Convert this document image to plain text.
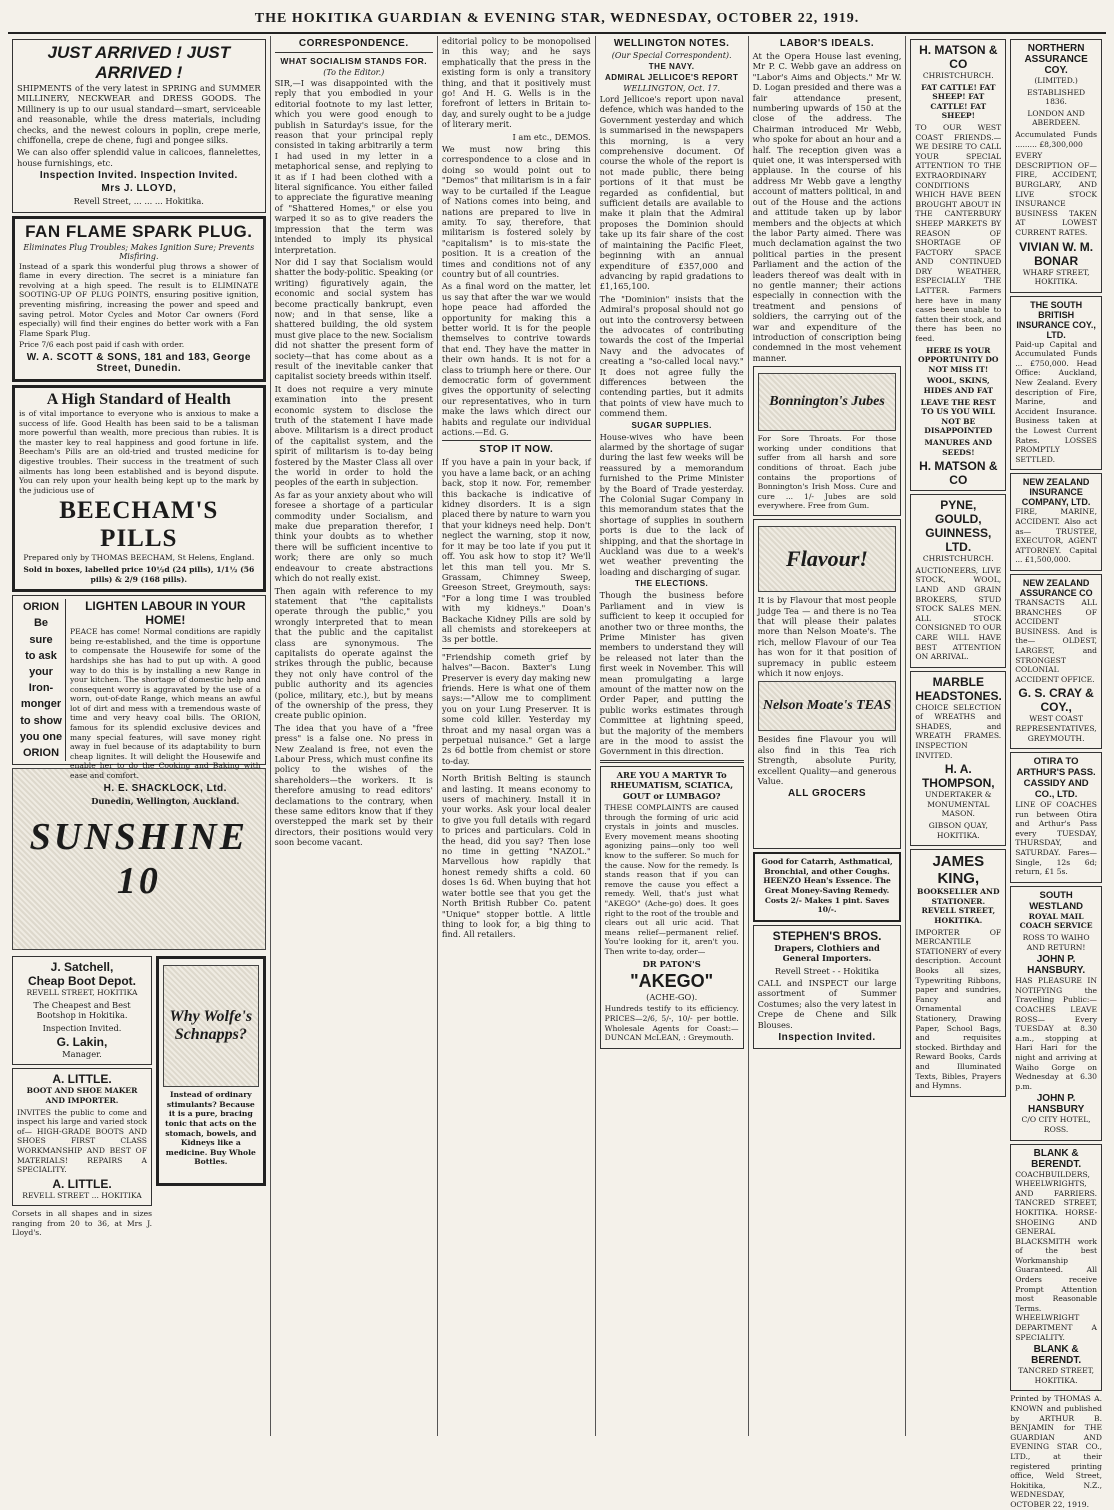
THE HOKITIKA GUARDIAN & EVENING STAR, WEDNESDAY, OCTOBER 22, 1919.
JUST ARRIVED ! JUST ARRIVED !

SHIPMENTS of the very latest in SPRING and SUMMER MILLINERY, NECKWEAR and DRESS GOODS. The Millinery is up to our usual standard—smart, serviceable and reasonable, while the dress materials, including checks, and the newest colours in poplin, crepe merle, chiffonella, crepe de chene, fugi and pongee silks.

We can also offer splendid value in calicoes, flannelettes, house furnishings, etc.

Inspection Invited. Inspection Invited.
Mrs J. LLOYD,
Revell Street, ... ... ... Hokitika.
FAN FLAME SPARK PLUG.
Eliminates Plug Troubles; Makes Ignition Sure; Prevents Misfiring.

Instead of a spark this wonderful plug throws a shower of flame in every direction. The secret is a miniature fan revolving at a high speed. The result is to ELIMINATE SOOTING-UP OF PLUG POINTS, ensuring positive ignition, preventing misfiring, increasing the power and speed and saving petrol. Motor Cycles and Motor Car owners (Ford especially) will find their engines do better work with a Fan Flame Spark Plug.

Price 7/6 each post paid if cash with order.

W. A. SCOTT & SONS, 181 and 183, George Street, Dunedin.
A High Standard of Health

is of vital importance to everyone who is anxious to make a success of life. Good Health has been said to be a talisman more powerful than wealth, more precious than rubies. It is the master key to real happiness and good fortune in life. Beecham's Pills are an old-tried and trusted medicine for digestive troubles. Their success in the treatment of such ailments has long been established and is beyond dispute. You can rely upon your health being kept up to the mark by the judicious use of

BEECHAM'S PILLS
Prepared only by THOMAS BEECHAM, St Helens, England.
Sold in boxes, labelled price 10½d (24 pills), 1/1½ (56 pills) & 2/9 (168 pills).
ORION
Be
sure
to ask
your
Iron-
monger
to show
you one
ORION
LIGHTEN LABOUR IN YOUR HOME!

PEACE has come! Normal conditions are rapidly being re-established, and the time is opportune to compensate the Housewife for some of the hardships she has had to put up with. A good way to do this is by installing a new Range in your kitchen. The shortage of domestic help and consequent worry is aggravated by the use of a worn, out-of-date Range, which means an awful lot of dirt and mess with a tremendous waste of time and very heavy coal bills. The ORION, famous for its splendid exclusive devices and many special features, will save money right away in fuel because of its adaptability to burn cheap lignites. It will delight the Housewife and enable her to do the Cooking and Baking with ease and comfort.

H. E. SHACKLOCK, Ltd.
Dunedin, Wellington, Auckland.
SUNSHINE 10
J. Satchell,
Cheap Boot Depot.
REVELL STREET, HOKITIKA

The Cheapest and Best Bootshop in Hokitika.

Inspection Invited.
G. Lakin,
Manager.
A. LITTLE.
BOOT AND SHOE MAKER AND IMPORTER.

INVITES the public to come and inspect his large and varied stock of— HIGH-GRADE BOOTS AND SHOES FIRST CLASS WORKMANSHIP AND BEST OF MATERIALS! REPAIRS A SPECIALITY.

A. LITTLE.
REVELL STREET ... HOKITIKA
Corsets in all shapes and in sizes ranging from 20 to 36, at Mrs J. Lloyd's.
Why Wolfe's Schnapps?

Instead of ordinary stimulants? Because it is a pure, bracing tonic that acts on the stomach, bowels, and Kidneys like a medicine. Buy Whole Bottles.

CORRESPONDENCE.
WHAT SOCIALISM STANDS FOR.
(To the Editor.)

SIR,—I was disappointed with the reply that you embodied in your editorial footnote to my last letter, which you were good enough to publish in Saturday's issue, for the reason that your principal reply consisted in taking arbitrarily a term I had used in my letter in a metaphorical sense, and replying to it as if I had been clothed with a literal significance. You either failed to appreciate the figurative meaning of "Shattered Homes," or else you warped it so as to give readers the impression that the term was intended to imply its physical interpretation.

Nor did I say that Socialism would shatter the body-politic. Speaking (or writing) figuratively again, the economic and social system has become practically bankrupt, even now; and in that sense, like a shattered building, the old system must give place to the new. Socialism did not shatter the present form of society—that has come about as a result of the inevitable canker that capitalist society breeds within itself.

It does not require a very minute examination into the present economic system to disclose the truth of the statement I have made above. Militarism is a direct product of the capitalist system, and the spirit of militarism is to-day being fostered by the Master Class all over the world in order to hold the peoples of the earth in subjection.

As far as your anxiety about who will foresee a shortage of a particular commodity under Socialism, and make due preparation therefor, I think your doubts as to whether there will be sufficient incentive to work; there are only so much endeavour to create abstractions which do not really exist.

Then again with reference to my statement that "the capitalists operate through the public," you wrongly interpreted that to mean that the public and the capitalist class are synonymous. The capitalists do operate against the strikes through the public, because they not only have control of the public authority and its agencies (police, military, etc.), but by means of the ownership of the press, they create public opinion.

The idea that you have of a "free press" is a false one. No press in New Zealand is free, not even the Labour Press, which must confine its policy to the wishes of the shareholders—the workers. It is therefore amusing to read editors' declamations to the contrary, when these same editors know that if they overstepped the mark set by their directors, their positions would very soon become vacant.

editorial policy to be monopolised in this way; and he says emphatically that the press in the existing form is only a transitory thing, and that it positively must go! And H. G. Wells is in the forefront of letters in Britain to-day, and surely ought to be a judge of literary merit.

I am etc., DEMOS.

We must now bring this correspondence to a close and in doing so would point out to "Demos" that militarism is in a fair way to be curtailed if the League of Nations comes into being, and nations are prepared to live in amity. To say, therefore, that militarism is fostered solely by "capitalism" is to mis-state the position. It is a creation of the times and conditions not of any country but of all countries.

As a final word on the matter, let us say that after the war we would hope peace had afforded the opportunity for making this a better world. It is for the people themselves to contrive towards that end. They have the matter in their own hands. It is not for a class to triumph here or there. Our democratic form of government gives the opportunity of selecting our representatives, who in turn make the laws which direct our habits and regulate our individual actions.—Ed. G.

STOP IT NOW.

If you have a pain in your back, if you have a lame back, or an aching back, stop it now. For, remember this backache is indicative of kidney disorders. It is a sign placed there by nature to warn you that your kidneys need help. Don't neglect the warning, stop it now, for it may be too late if you put it off. You ask how to stop it? We'll let this man tell you. Mr S. Grassam, Chimney Sweep, Greeson Street, Greymouth, says: "For a long time I was troubled with my kidneys." Doan's Backache Kidney Pills are sold by all chemists and storekeepers at 3s per bottle.

"Friendship cometh grief by halves"—Bacon. Baxter's Lung Preserver is every day making new friends. Here is what one of them says:—"Allow me to compliment you on your Lung Preserver. It is some cold killer. Yesterday my throat and my nasal organ was a perpetual nuisance." Get a large 2s 6d bottle from chemist or store to-day.

North British Belting is staunch and lasting. It means economy to users of machinery. Install it in your works. Ask your local dealer to give you full details with regard to prices and particulars. Cold in the head, did you say? Then lose no time in getting "NAZOL." Marvellous how rapidly that honest remedy shifts a cold. 60 doses 1s 6d. When buying that hot water bottle see that you get the North British Rubber Co. patent "Unique" stopper bottle. A little thing to look for, a big thing to find. All retailers.

WELLINGTON NOTES.
(Our Special Correspondent).
THE NAVY.
ADMIRAL JELLICOE'S REPORT
WELLINGTON, Oct. 17.

Lord Jellicoe's report upon naval defence, which was handed to the Government yesterday and which is summarised in the newspapers this morning, is a very comprehensive document. Of course the whole of the report is not made public, there being portions of it that must be regarded as confidential, but sufficient details are available to make it plain that the Admiral proposes the Dominion should take up its fair share of the cost of maintaining the Pacific Fleet, beginning with an annual expenditure of £357,000 and advancing by rapid gradations to £1,165,100.

The "Dominion" insists that the Admiral's proposal should not go out into the controversy between the advocates of contributing towards the cost of the Imperial Navy and the advocates of creating a "so-called local navy." It does not agree fully the differences between the contending parties, but it admits that points of view have much to commend them.

SUGAR SUPPLIES.

House-wives who have been alarmed by the shortage of sugar during the last few weeks will be reassured by a memorandum furnished to the Prime Minister by the Board of Trade yesterday. The Colonial Sugar Company in this memorandum states that the shortage of supplies in southern ports is due to the lack of shipping, and that the shortage in Auckland was due to a week's wet weather preventing the loading and discharging of sugar.

THE ELECTIONS.

Though the business before Parliament and in view is sufficient to keep it occupied for another two or three months, the Prime Minister has given members to understand they will be released not later than the first week in November. This will mean promulgating a large amount of the matter now on the Order Paper, and putting the public works estimates through Committee at lightning speed, but the majority of the members are in the mood to assist the Government in this direction.

ARE YOU A MARTYR To RHEUMATISM, SCIATICA, GOUT or LUMBAGO?

THESE COMPLAINTS are caused through the forming of uric acid crystals in joints and muscles. Every movement means shooting agonizing pains—only too well know to the sufferer. So much for the cause. Now for the remedy. Is stands reason that if you can remove the cause you effect a remedy. Well, that's just what "AKEGO" (Ache-go) does. It goes right to the root of the trouble and clears out all uric acid. That means relief—permanent relief. You're looking for it, aren't you. Then write to-day, order—

DR PATON'S
"AKEGO"
(ACHE-GO).

Hundreds testify to its efficiency. PRICES—2/6, 5/-, 10/- per bottle. Wholesale Agents for Coast:— DUNCAN McLEAN, : Greymouth.

LABOR'S IDEALS.

At the Opera House last evening, Mr P. C. Webb gave an address on "Labor's Aims and Objects." Mr W. D. Logan presided and there was a fair attendance present, numbering upwards of 150 at the close of the address. The Chairman introduced Mr Webb, who spoke for about an hour and a half. The reception given was a quiet one, it was interspersed with applause. In the course of his address Mr Webb gave a lengthy account of matters political, in and out of the House and the actions and attitude taken up by labor members and the objects at which the labor Party aimed. There was much declamation against the two political parties in the present Parliament and the action of the leaders thereof was dealt with in no gentle manner; their actions especially in connection with the treatment and pensions of soldiers, the carrying out of the war and expenditure of the introduction of conscription being condemned in the most vehement manner.

Bonnington's Jubes

For Sore Throats. For those working under conditions that suffer from all harsh and sore conditions of throat. Each jube contains the proportions of Bonnington's Irish Moss. Cure and cure ... 1/- Jubes are sold everywhere. Free from Gum.

Flavour!

It is by Flavour that most people judge Tea — and there is no Tea that will please their palates more than Nelson Moate's. The rich, mellow Flavour of our Tea has won for it that position of supremacy in public esteem which it now enjoys.

Nelson Moate's TEAS

Besides fine Flavour you will also find in this Tea rich Strength, absolute Purity, excellent Quality—and generous Value.

ALL GROCERS

Good for Catarrh, Asthmatical, Bronchial, and other Coughs. HEENZO Hean's Essence. The Great Money-Saving Remedy. Costs 2/- Makes 1 pint. Saves 10/-.

STEPHEN'S BROS.
Drapers, Clothiers and General Importers.
Revell Street - - Hokitika

CALL and INSPECT our large assortment of Summer Costumes; also the very latest in Crepe de Chene and Silk Blouses.

Inspection Invited.
H. MATSON & CO
CHRISTCHURCH.
FAT CATTLE! FAT SHEEP! FAT CATTLE! FAT SHEEP!

TO OUR WEST COAST FRIENDS.— WE DESIRE TO CALL YOUR SPECIAL ATTENTION TO THE EXTRAORDINARY CONDITIONS WHICH HAVE BEEN BROUGHT ABOUT IN THE CANTERBURY SHEEP MARKETS BY REASON OF SHORTAGE OF FACTORY SPACE AND CONTINUED DRY WEATHER, ESPECIALLY THE LATTER. Farmers here have in many cases been unable to fatten their stock, and there has been no feed.

HERE IS YOUR OPPORTUNITY DO NOT MISS IT!
WOOL, SKINS, HIDES AND FAT
LEAVE THE REST TO US YOU WILL NOT BE DISAPPOINTED
MANURES AND SEEDS!
H. MATSON & CO
PYNE, GOULD, GUINNESS, LTD.
CHRISTCHURCH.

AUCTIONEERS, LIVE STOCK, WOOL, LAND AND GRAIN BROKERS, STUD STOCK SALES MEN. ALL STOCK CONSIGNED TO OUR CARE WILL HAVE BEST ATTENTION ON ARRIVAL.

MARBLE HEADSTONES.

CHOICE SELECTION of WREATHS and SHADES, and WREATH FRAMES. INSPECTION INVITED.

H. A. THOMPSON,
UNDERTAKER & MONUMENTAL MASON.
GIBSON QUAY, HOKITIKA.
JAMES KING,
BOOKSELLER AND STATIONER. REVELL STREET, HOKITIKA.

IMPORTER OF MERCANTILE STATIONERY of every description. Account Books all sizes, Typewriting Ribbons, paper and sundries, Fancy and Ornamental Stationery, Drawing Paper, School Bags, and requisites stocked. Birthday and Reward Books, Cards and Illuminated Texts, Bibles, Prayers and Hymns.

NORTHERN ASSURANCE COY.
(LIMITED.)
ESTABLISHED 1836.
LONDON AND ABERDEEN.
Accumulated Funds ......... £8,300,000

EVERY DESCRIPTION OF— FIRE, ACCIDENT, BURGLARY, AND LIVE STOCK INSURANCE BUSINESS TAKEN AT LOWEST CURRENT RATES.

VIVIAN W. M. BONAR
WHARF STREET, HOKITIKA.
THE SOUTH BRITISH INSURANCE COY., LTD.

Paid-up Capital and Accumulated Funds ... £750,000. Head Office: Auckland, New Zealand. Every description of Fire, Marine, and Accident Insurance. Business taken at the Lowest Current Rates. LOSSES PROMPTLY SETTLED.

NEW ZEALAND INSURANCE COMPANY, LTD.

FIRE, MARINE, ACCIDENT. Also act as— TRUSTEE, EXECUTOR, AGENT ATTORNEY. Capital ... £1,500,000.

NEW ZEALAND ASSURANCE CO

TRANSACTS ALL BRANCHES OF ACCIDENT BUSINESS. And is the— OLDEST, LARGEST, and STRONGEST COLONIAL ACCIDENT OFFICE.

G. S. CRAY & COY.,
WEST COAST REPRESENTATIVES, GREYMOUTH.
OTIRA TO ARTHUR'S PASS.
CASSIDY AND CO., LTD.

LINE OF COACHES run between Otira and Arthur's Pass every TUESDAY, THURSDAY, and SATURDAY. Fares—Single, 12s 6d; return, £1 5s.

SOUTH WESTLAND
ROYAL MAIL COACH SERVICE
ROSS TO WAIHO AND RETURN!
JOHN P. HANSBURY.

HAS PLEASURE IN NOTIFYING the Travelling Public:— COACHES LEAVE ROSS— Every TUESDAY at 8.30 a.m., stopping at Hari Hari for the night and arriving at Waiho Gorge on Wednesday at 6.30 p.m.

JOHN P. HANSBURY
C/O CITY HOTEL, ROSS.
BLANK & BERENDT.

COACHBUILDERS, WHEELWRIGHTS, AND FARRIERS. TANCRED STREET, HOKITIKA. HORSE-SHOEING AND GENERAL BLACKSMITH work of the best Workmanship Guaranteed. All Orders receive Prompt Attention most Reasonable Terms. WHEELWRIGHT DEPARTMENT A SPECIALITY.

BLANK & BERENDT.
TANCRED STREET, HOKITIKA.

Printed by THOMAS A. KNOWN and published by ARTHUR B. BENJAMIN for THE GUARDIAN AND EVENING STAR CO., LTD., at their registered printing office, Weld Street, Hokitika, N.Z., WEDNESDAY, OCTOBER 22, 1919.
